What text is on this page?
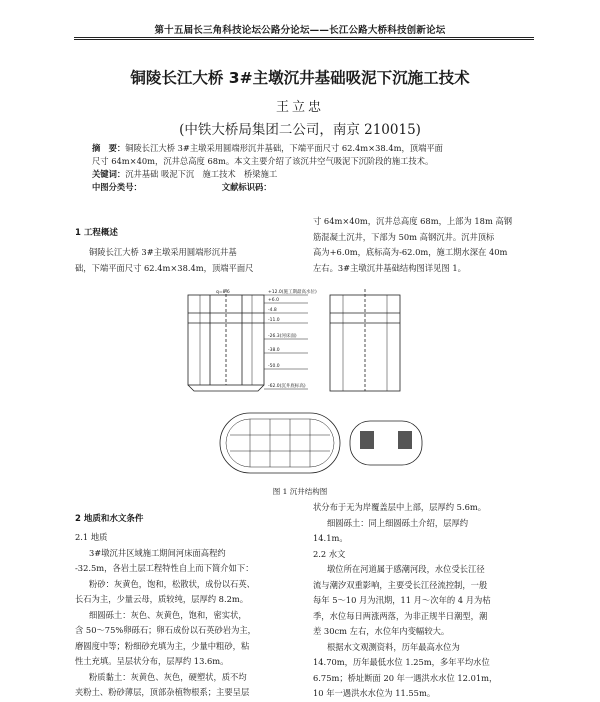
第十五届长三角科技论坛公路分论坛——长江公路大桥科技创新论坛
铜陵长江大桥 3#主墩沉井基础吸泥下沉施工技术
王立忠
(中铁大桥局集团二公司，南京 210015)
摘　要：铜陵长江大桥 3#主墩采用圆端形沉井基础，下端平面尺寸 62.4m×38.4m，顶端平面
尺寸 64m×40m，沉井总高度 68m。本文主要介绍了该沉井空气吸泥下沉阶段的施工技术。
关键词：沉井基础 吸泥下沉　施工技术　桥梁施工
中图分类号：	文献标识码：
1 工程概述
铜陵长江大桥 3#主墩采用圆端形沉井基
础，下端平面尺寸 62.4m×38.4m，顶端平面尺
寸 64m×40m，沉井总高度 68m，上部为 18m 高钢
筋混凝土沉井，下部为 50m 高钢沉井。沉井顶标
高为+6.0m，底标高为-62.0m，施工期水深在 40m
左右。3#主墩沉井基础结构图详见图 1。
+12.0(施工期最高水位)
+6.0
-4.8
-11.0
-26.3(河床面)
-38.0
-50.0
-62.0(沉井底标高)
q=8.6
图 1 沉井结构图
2 地质和水文条件
2.1 地质
3#墩沉井区域施工期间河床面高程约
-32.5m，各岩土层工程特性自上而下简介如下：
粉砂：灰黄色，饱和，松散状，成份以石英、
长石为主，少量云母，质较纯，层厚约 8.2m。
细圆砾土：灰色、灰黄色，饱和，密实状，
含 50～75%卵砾石；卵石成份以石英砂岩为主，
磨圆度中等；粉细砂充填为主，少量中粗砂，粘
性土充填。呈层状分布，层厚约 13.6m。
粉质黏土：灰黄色、灰色，硬塑状，质不均
夹粉土、粉砂薄层，顶部杂植物根系；主要呈层
状分布于无为岸覆盖层中上部，层厚约 5.6m。
细圆砾土：同上细圆砾土介绍，层厚约
14.1m。
2.2 水文
墩位所在河道属于感潮河段，水位受长江径
流与潮汐双重影响，主要受长江径流控制，一般
每年 5～10 月为汛期，11 月～次年的 4 月为枯
季，水位每日两涨两落，为非正规半日潮型，潮
差 30cm 左右，水位年内变幅较大。
根据水文观测资料，历年最高水位为
14.70m，历年最低水位 1.25m，多年平均水位
6.75m；桥址断面 20 年一遇洪水水位 12.01m，
10 年一遇洪水水位为 11.55m。
